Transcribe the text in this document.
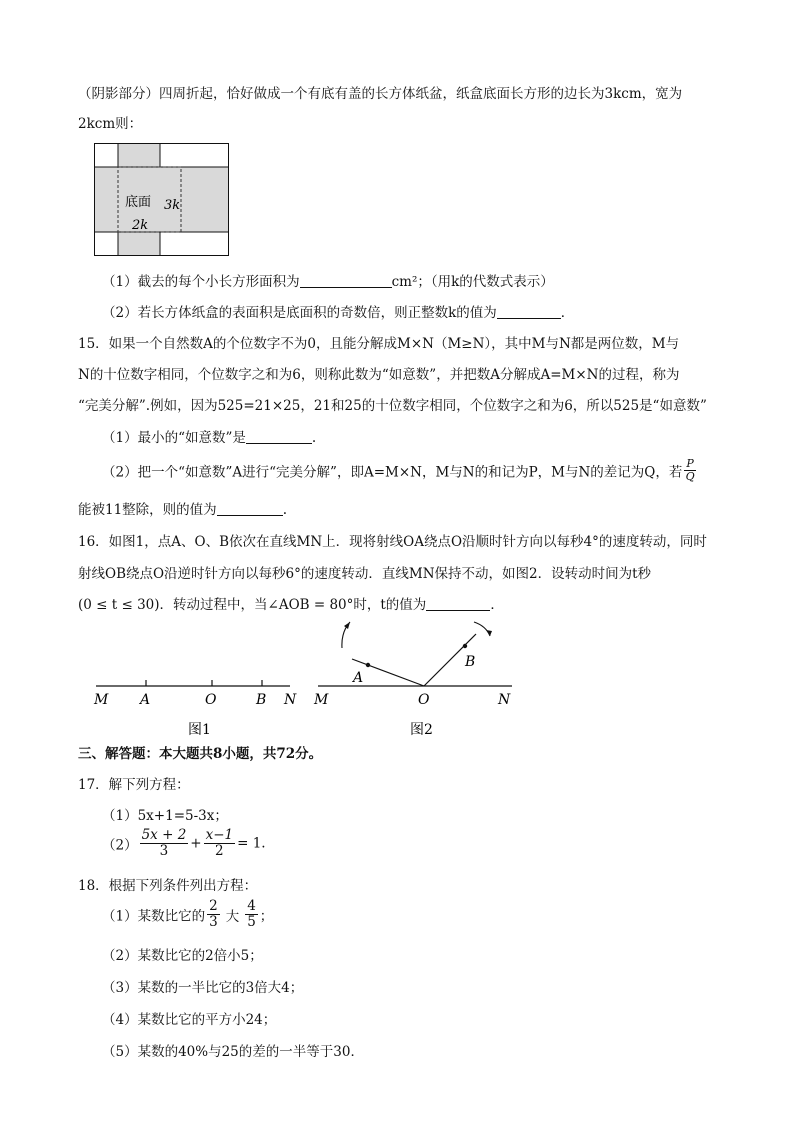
（阴影部分）四周折起，恰好做成一个有底有盖的长方体纸盆，纸盒底面长方形的边长为3kcm，宽为
2kcm则：
底面 3k
2k
（1）截去的每个小长方形面积为	cm²；（用k的代数式表示）
（2）若长方体纸盒的表面积是底面积的奇数倍，则正整数k的值为	．
15．如果一个自然数A的个位数字不为0，且能分解成M×N（M≥N），其中M与N都是两位数，M与
N的十位数字相同，个位数字之和为6，则称此数为“如意数”，并把数A分解成A=M×N的过程，称为
“完美分解”.例如，因为525=21×25，21和25的十位数字相同，个位数字之和为6，所以525是“如意数”
（1）最小的“如意数”是	.
（2）把一个“如意数”A进行“完美分解”，即A=M×N，M与N的和记为P，M与N的差记为Q，若 $\frac{P}{Q}$
能被11整除，则的值为	.
16．如图1，点A、O、B依次在直线MN上．现将射线OA绕点O沿顺时针方向以每秒4°的速度转动，同时
射线OB绕点O沿逆时针方向以每秒6°的速度转动．直线MN保持不动，如图2．设转动时间为t秒
(0 ≤ t ≤ 30)．转动过程中，当∠AOB = 80°时，t的值为	．
M A	O	B N
图1
M
A
O
B
N
图2
三、解答题：本大题共8小题，共72分。
17．解下列方程：
（1）5x+1=5-3x；
$(2) \frac{5x + 2}{3} + \frac{x-1}{2} = 1$.
18．根据下列条件列出方程：
（1）某数比它的 $\frac{2}{3}$ 大 $\frac{4}{5}$ ；
（2）某数比它的2倍小5；
（3）某数的一半比它的3倍大4；
（4）某数比它的平方小24；
（5）某数的40%与25的差的一半等于30．
